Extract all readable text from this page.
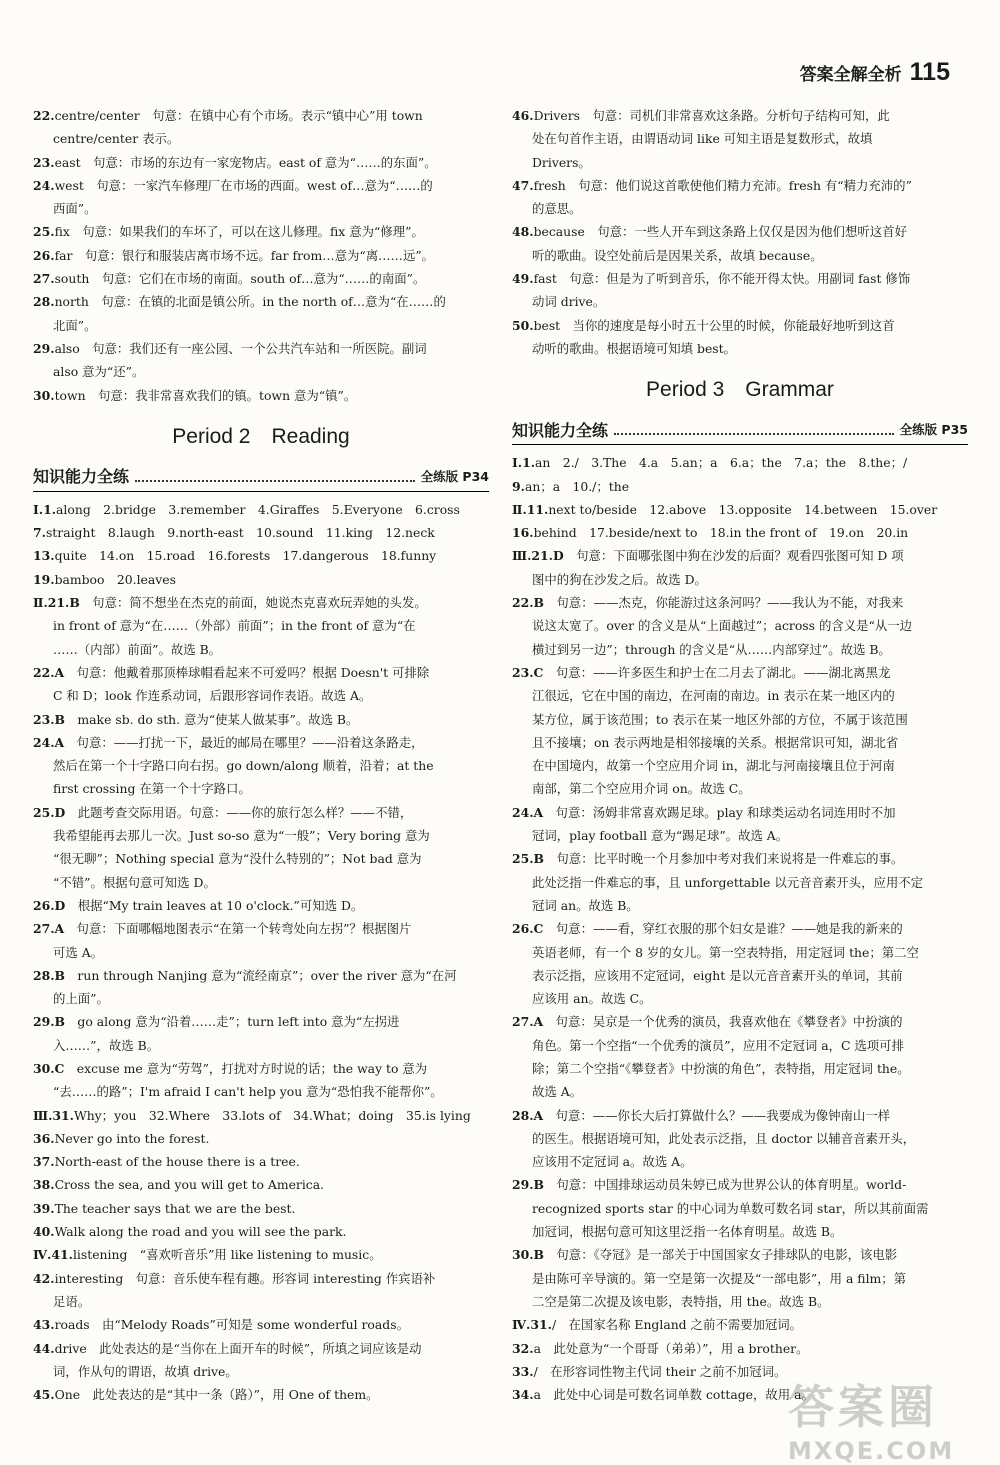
答案全解全析 115

22.centre/center　句意：在镇中心有个市场。表示“镇中心”用 town

centre/center 表示。

23.east　句意：市场的东边有一家宠物店。east of 意为“……的东面”。

24.west　句意：一家汽车修理厂在市场的西面。west of…意为“……的

西面”。

25.fix　句意：如果我们的车坏了，可以在这儿修理。fix 意为“修理”。

26.far　句意：银行和服装店离市场不远。far from…意为“离……远”。

27.south　句意：它们在市场的南面。south of…意为“……的南面”。

28.north　句意：在镇的北面是镇公所。in the north of…意为“在……的

北面”。

29.also　句意：我们还有一座公园、一个公共汽车站和一所医院。副词

also 意为“还”。

30.town　句意：我非常喜欢我们的镇。town 意为“镇”。

Period 2　Reading
知识能力全练	全练版 P34

Ⅰ.1.along　2.bridge　3.remember　4.Giraffes　5.Everyone　6.cross

7.straight　8.laugh　9.north-east　10.sound　11.king　12.neck

13.quite　14.on　15.road　16.forests　17.dangerous　18.funny

19.bamboo　20.leaves

Ⅱ.21.B　句意：简不想坐在杰克的前面，她说杰克喜欢玩弄她的头发。

in front of 意为“在……（外部）前面”；in the front of 意为“在

……（内部）前面”。故选 B。

22.A　句意：他戴着那顶棒球帽看起来不可爱吗？根据 Doesn't 可排除

C 和 D；look 作连系动词，后跟形容词作表语。故选 A。

23.B　make sb. do sth. 意为“使某人做某事”。故选 B。

24.A　句意：——打扰一下，最近的邮局在哪里？——沿着这条路走，

然后在第一个十字路口向右拐。go down/along 顺着，沿着；at the

first crossing 在第一个十字路口。

25.D　此题考查交际用语。句意：——你的旅行怎么样？——不错，

我希望能再去那儿一次。Just so-so 意为“一般”；Very boring 意为

“很无聊”；Nothing special 意为“没什么特别的”；Not bad 意为

“不错”。根据句意可知选 D。

26.D　根据“My train leaves at 10 o'clock.”可知选 D。

27.A　句意：下面哪幅地图表示“在第一个转弯处向左拐”？根据图片

可选 A。

28.B　run through Nanjing 意为“流经南京”；over the river 意为“在河

的上面”。

29.B　go along 意为“沿着……走”；turn left into 意为“左拐进

入……”，故选 B。

30.C　excuse me 意为“劳驾”，打扰对方时说的话；the way to 意为

“去……的路”；I'm afraid I can't help you 意为“恐怕我不能帮你”。

Ⅲ.31.Why；you　32.Where　33.lots of　34.What；doing　35.is lying

36.Never go into the forest.

37.North-east of the house there is a tree.

38.Cross the sea, and you will get to America.

39.The teacher says that we are the best.

40.Walk along the road and you will see the park.

Ⅳ.41.listening　“喜欢听音乐”用 like listening to music。

42.interesting　句意：音乐使车程有趣。形容词 interesting 作宾语补

足语。

43.roads　由“Melody Roads”可知是 some wonderful roads。

44.drive　此处表达的是“当你在上面开车的时候”，所填之词应该是动

词，作从句的谓语，故填 drive。

45.One　此处表达的是“其中一条（路）”，用 One of them。

46.Drivers　句意：司机们非常喜欢这条路。分析句子结构可知，此

处在句首作主语，由谓语动词 like 可知主语是复数形式，故填

Drivers。

47.fresh　句意：他们说这首歌使他们精力充沛。fresh 有“精力充沛的”

的意思。

48.because　句意：一些人开车到这条路上仅仅是因为他们想听这首好

听的歌曲。设空处前后是因果关系，故填 because。

49.fast　句意：但是为了听到音乐，你不能开得太快。用副词 fast 修饰

动词 drive。

50.best　当你的速度是每小时五十公里的时候，你能最好地听到这首

动听的歌曲。根据语境可知填 best。

Period 3　Grammar
知识能力全练	全练版 P35

Ⅰ.1.an　2./　3.The　4.a　5.an；a　6.a；the　7.a；the　8.the；/

9.an；a　10./；the

Ⅱ.11.next to/beside　12.above　13.opposite　14.between　15.over

16.behind　17.beside/next to　18.in the front of　19.on　20.in

Ⅲ.21.D　句意：下面哪张图中狗在沙发的后面？观看四张图可知 D 项

图中的狗在沙发之后。故选 D。

22.B　句意：——杰克，你能游过这条河吗？——我认为不能，对我来

说这太宽了。over 的含义是从“上面越过”；across 的含义是“从一边

横过到另一边”；through 的含义是“从……内部穿过”。故选 B。

23.C　句意：——许多医生和护士在二月去了湖北。——湖北离黑龙

江很远，它在中国的南边，在河南的南边。in 表示在某一地区内的

某方位，属于该范围；to 表示在某一地区外部的方位，不属于该范围

且不接壤；on 表示两地是相邻接壤的关系。根据常识可知，湖北省

在中国境内，故第一个空应用介词 in，湖北与河南接壤且位于河南

南部，第二个空应用介词 on。故选 C。

24.A　句意：汤姆非常喜欢踢足球。play 和球类运动名词连用时不加

冠词，play football 意为“踢足球”。故选 A。

25.B　句意：比平时晚一个月参加中考对我们来说将是一件难忘的事。

此处泛指一件难忘的事，且 unforgettable 以元音音素开头，应用不定

冠词 an。故选 B。

26.C　句意：——看，穿红衣服的那个妇女是谁？——她是我的新来的

英语老师，有一个 8 岁的女儿。第一空表特指，用定冠词 the；第二空

表示泛指，应该用不定冠词，eight 是以元音音素开头的单词，其前

应该用 an。故选 C。

27.A　句意：吴京是一个优秀的演员，我喜欢他在《攀登者》中扮演的

角色。第一个空指“一个优秀的演员”，应用不定冠词 a，C 选项可排

除；第二个空指“《攀登者》中扮演的角色”，表特指，用定冠词 the。

故选 A。

28.A　句意：——你长大后打算做什么？——我要成为像钟南山一样

的医生。根据语境可知，此处表示泛指，且 doctor 以辅音音素开头，

应该用不定冠词 a。故选 A。

29.B　句意：中国排球运动员朱婷已成为世界公认的体育明星。world-

recognized sports star 的中心词为单数可数名词 star，所以其前面需

加冠词，根据句意可知这里泛指一名体育明星。故选 B。

30.B　句意：《夺冠》是一部关于中国国家女子排球队的电影，该电影

是由陈可辛导演的。第一空是第一次提及“一部电影”，用 a film；第

二空是第二次提及该电影，表特指，用 the。故选 B。

Ⅳ.31./　在国家名称 England 之前不需要加冠词。

32.a　此处意为“一个哥哥（弟弟）”，用 a brother。

33./　在形容词性物主代词 their 之前不加冠词。

34.a　此处中心词是可数名词单数 cottage，故用 a。

答案圈
MXQE.COM
